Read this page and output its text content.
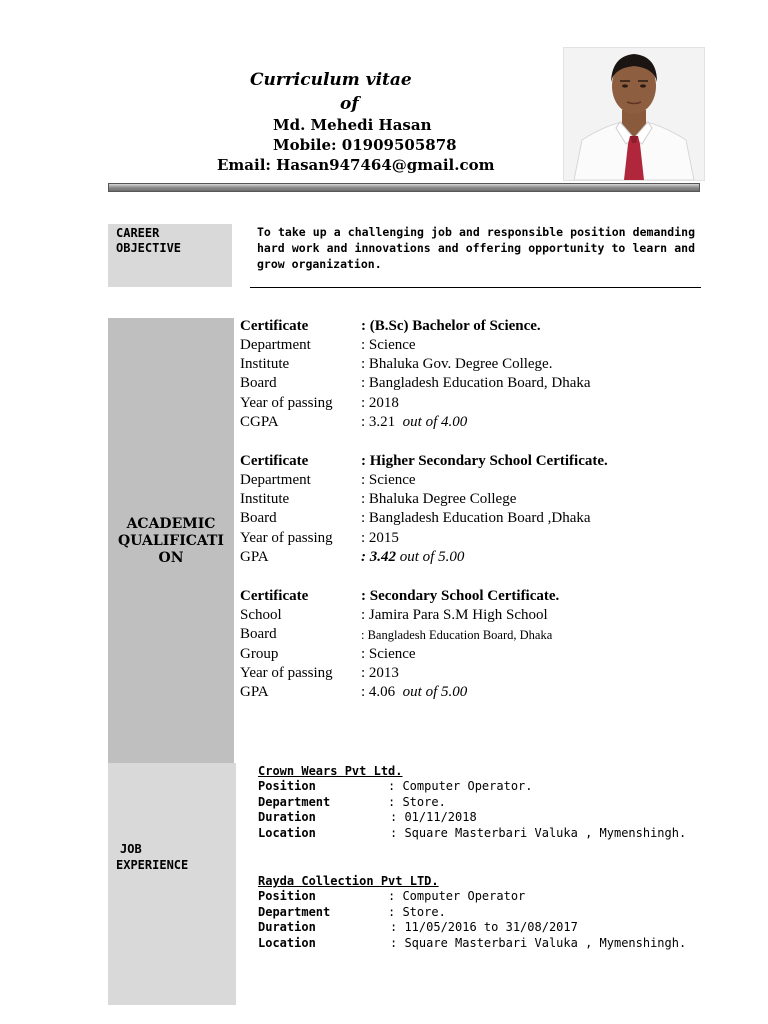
Curriculum vitae
of
Md. Mehedi Hasan
Mobile: 01909505878
Email: Hasan947464@gmail.com
CAREER
OBJECTIVE
To take up a challenging job and responsible position demanding hard work and innovations and offering opportunity to learn and grow organization.
ACADEMIC
QUALIFICATI
ON
Certificate	: (B.Sc) Bachelor of Science.
Department	: Science
Institute	: Bhaluka Gov. Degree College.
Board	: Bangladesh Education Board, Dhaka
Year of passing : 2018
CGPA	: 3.21 out of 4.00
Certificate	: Higher Secondary School Certificate.
Department	: Science
Institute	: Bhaluka Degree College
Board	: Bangladesh Education Board ,Dhaka
Year of passing : 2015
GPA	: 3.42 out of 5.00
Certificate	: Secondary School Certificate.
School	: Jamira Para S.M High School
Board	: Bangladesh Education Board, Dhaka
Group	: Science
Year of passing : 2013
GPA	: 4.06 out of 5.00
JOB
EXPERIENCE
Crown Wears Pvt Ltd.
Position	: Computer Operator.
Department	: Store.
Duration	: 01/11/2018
Location	: Square Masterbari Valuka , Mymenshingh.
Rayda Collection Pvt LTD.
Position	: Computer Operator
Department	: Store.
Duration	: 11/05/2016 to 31/08/2017
Location	: Square Masterbari Valuka , Mymenshingh.
